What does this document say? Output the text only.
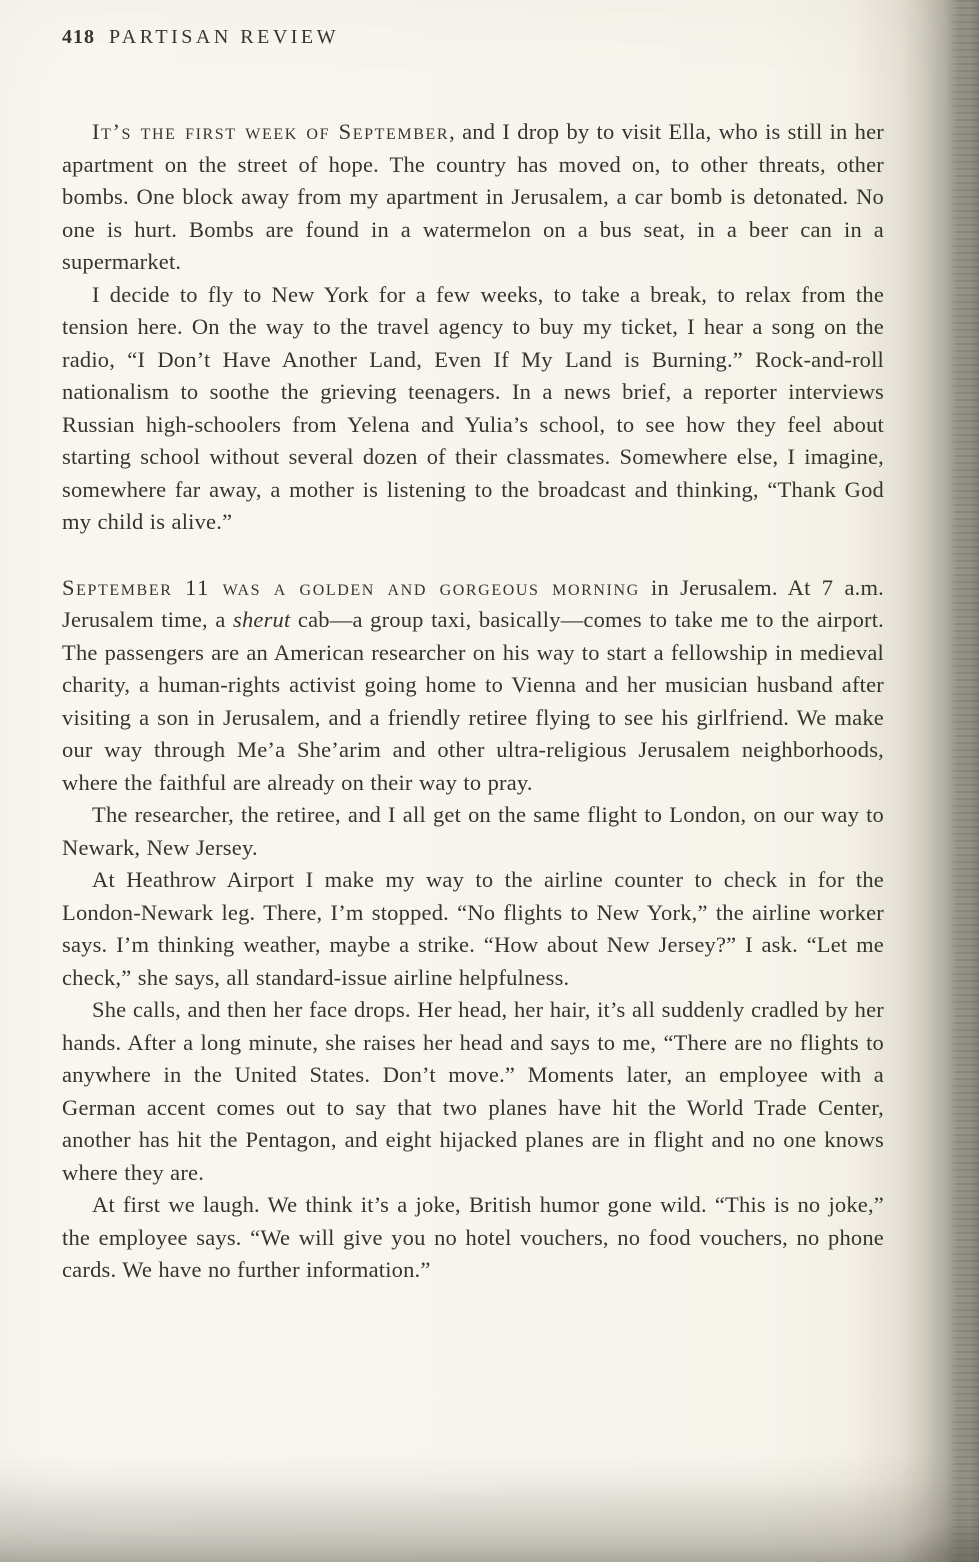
418 PARTISAN REVIEW

It’s the first week of September, and I drop by to visit Ella, who is still in her apartment on the street of hope. The country has moved on, to other threats, other bombs. One block away from my apartment in Jerusalem, a car bomb is detonated. No one is hurt. Bombs are found in a watermelon on a bus seat, in a beer can in a supermarket.

I decide to fly to New York for a few weeks, to take a break, to relax from the tension here. On the way to the travel agency to buy my ticket, I hear a song on the radio, “I Don’t Have Another Land, Even If My Land is Burning.” Rock-and-roll nationalism to soothe the grieving teenagers. In a news brief, a reporter interviews Russian high-schoolers from Yelena and Yulia’s school, to see how they feel about starting school without several dozen of their classmates. Somewhere else, I imagine, somewhere far away, a mother is listening to the broadcast and thinking, “Thank God my child is alive.”

September 11 was a golden and gorgeous morning in Jerusalem. At 7 a.m. Jerusalem time, a sherut cab—a group taxi, basically—comes to take me to the airport. The passengers are an American researcher on his way to start a fellowship in medieval charity, a human-rights activist going home to Vienna and her musician husband after visiting a son in Jerusalem, and a friendly retiree flying to see his girlfriend. We make our way through Me’a She’arim and other ultra-religious Jerusalem neighborhoods, where the faithful are already on their way to pray.

The researcher, the retiree, and I all get on the same flight to London, on our way to Newark, New Jersey.

At Heathrow Airport I make my way to the airline counter to check in for the London-Newark leg. There, I’m stopped. “No flights to New York,” the airline worker says. I’m thinking weather, maybe a strike. “How about New Jersey?” I ask. “Let me check,” she says, all standard-issue airline helpfulness.

She calls, and then her face drops. Her head, her hair, it’s all suddenly cradled by her hands. After a long minute, she raises her head and says to me, “There are no flights to anywhere in the United States. Don’t move.” Moments later, an employee with a German accent comes out to say that two planes have hit the World Trade Center, another has hit the Pentagon, and eight hijacked planes are in flight and no one knows where they are.

At first we laugh. We think it’s a joke, British humor gone wild. “This is no joke,” the employee says. “We will give you no hotel vouchers, no food vouchers, no phone cards. We have no further information.”
